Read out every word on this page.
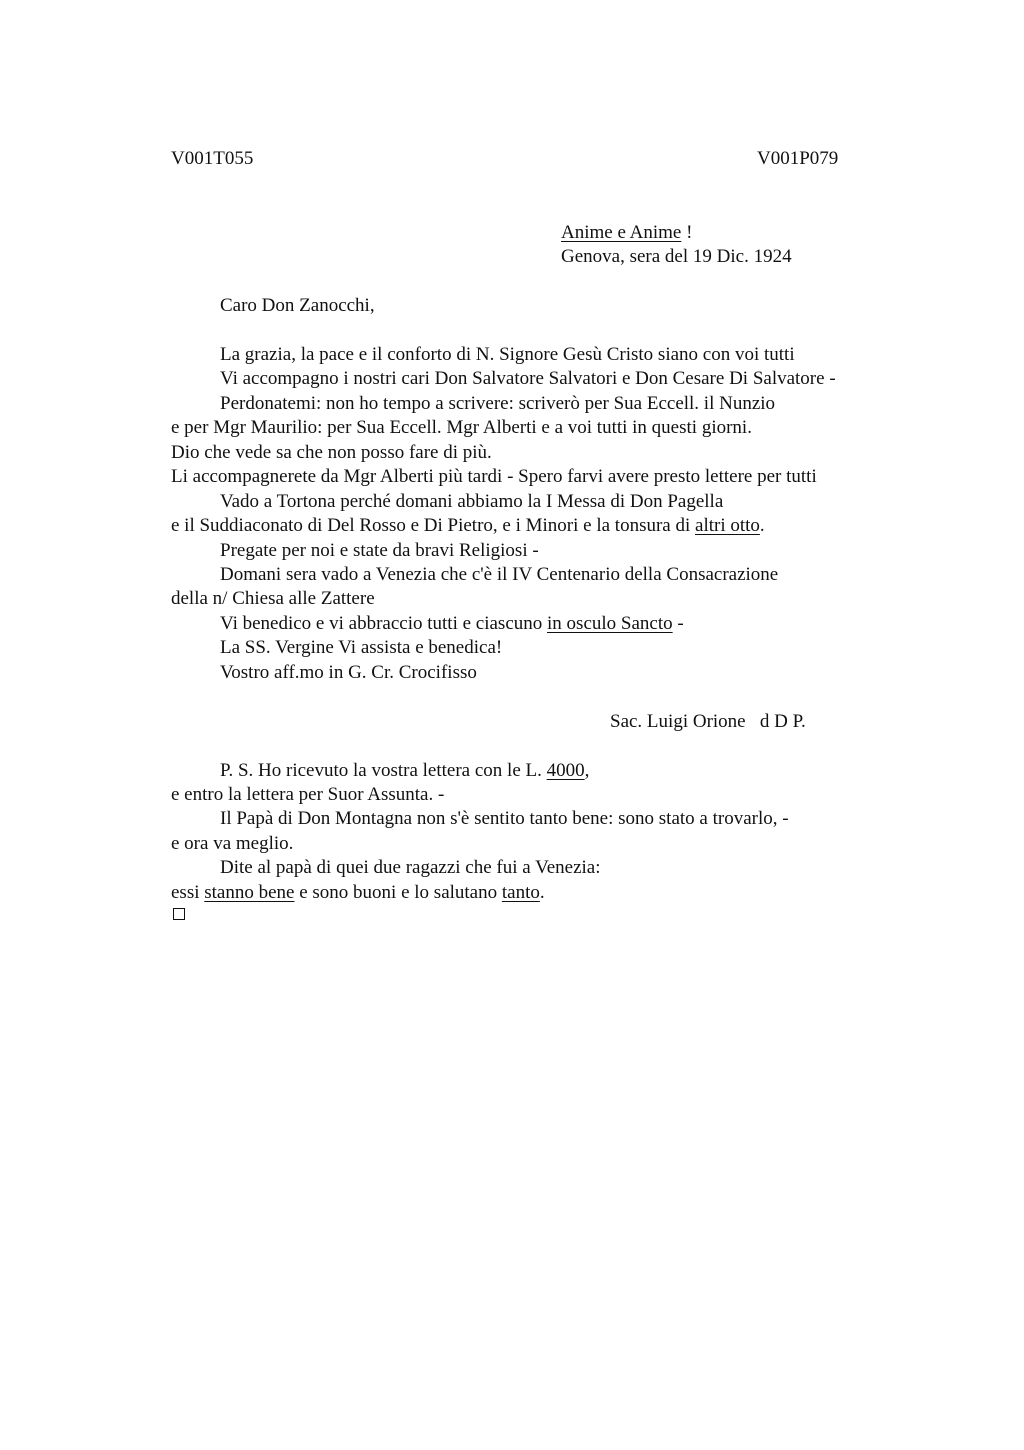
V001T055	V001P079
Anime e Anime !
Genova, sera del 19 Dic. 1924
Caro Don Zanocchi,
La grazia, la pace e il conforto di N. Signore Gesù Cristo siano con voi tutti
Vi accompagno i nostri cari Don Salvatore Salvatori e Don Cesare Di Salvatore -
Perdonatemi: non ho tempo a scrivere: scriverò per Sua Eccell. il Nunzio
e per Mgr Maurilio: per Sua Eccell. Mgr Alberti e a voi tutti in questi giorni.
Dio che vede sa che non posso fare di più.
Li accompagnerete da Mgr Alberti più tardi - Spero farvi avere presto lettere per tutti
Vado a Tortona perché domani abbiamo la I Messa di Don Pagella
e il Suddiaconato di Del Rosso e Di Pietro, e i Minori e la tonsura di altri otto.
Pregate per noi e state da bravi Religiosi -
Domani sera vado a Venezia che c'è il IV Centenario della Consacrazione
della n/ Chiesa alle Zattere
Vi benedico e vi abbraccio tutti e ciascuno in osculo Sancto -
La SS. Vergine Vi assista e benedica!
Vostro aff.mo in G. Cr. Crocifisso
Sac. Luigi Orione   d D P.
P. S. Ho ricevuto la vostra lettera con le L. 4000,
e entro la lettera per Suor Assunta. -
Il Papà di Don Montagna non s'è sentito tanto bene: sono stato a trovarlo, -
e ora va meglio.
Dite al papà di quei due ragazzi che fui a Venezia:
essi stanno bene e sono buoni e lo salutano tanto.
